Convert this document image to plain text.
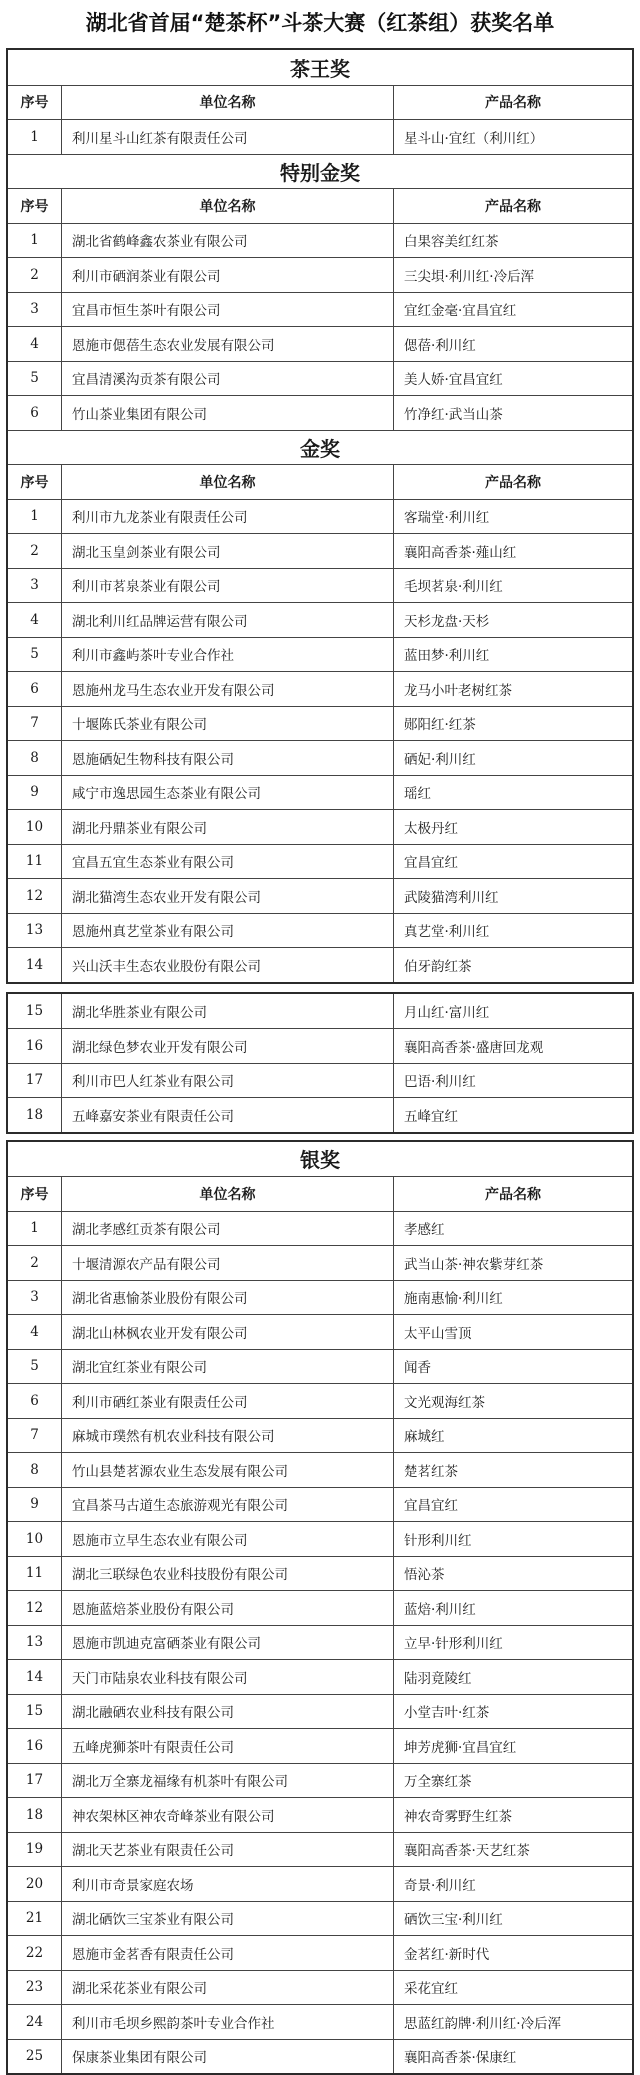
湖北省首届“楚茶杯”斗茶大赛（红茶组）获奖名单
茶王奖
序号	单位名称	产品名称
1	利川星斗山红茶有限责任公司	星斗山·宜红（利川红）
特别金奖
序号	单位名称	产品名称
1	湖北省鹤峰鑫农茶业有限公司	白果容美红红茶
2	利川市硒润茶业有限公司	三尖垻·利川红·冷后浑
3	宜昌市恒生茶叶有限公司	宜红金毫·宜昌宜红
4	恩施市偲蓓生态农业发展有限公司	偲蓓·利川红
5	宜昌清溪沟贡茶有限公司	美人娇·宜昌宜红
6	竹山茶业集团有限公司	竹净红·武当山茶
金奖
序号	单位名称	产品名称
1	利川市九龙茶业有限责任公司	客瑞堂·利川红
2	湖北玉皇剑茶业有限公司	襄阳高香茶·薤山红
3	利川市茗泉茶业有限公司	毛坝茗泉·利川红
4	湖北利川红品牌运营有限公司	天杉龙盘·天杉
5	利川市鑫屿茶叶专业合作社	蓝田梦·利川红
6	恩施州龙马生态农业开发有限公司	龙马小叶老树红茶
7	十堰陈氏茶业有限公司	郧阳红·红茶
8	恩施硒妃生物科技有限公司	硒妃·利川红
9	咸宁市逸思园生态茶业有限公司	瑶红
10	湖北丹鼎茶业有限公司	太极丹红
11	宜昌五宜生态茶业有限公司	宜昌宜红
12	湖北猫湾生态农业开发有限公司	武陵猫湾利川红
13	恩施州真艺堂茶业有限公司	真艺堂·利川红
14	兴山沃丰生态农业股份有限公司	伯牙韵红茶
15	湖北华胜茶业有限公司	月山红·富川红
16	湖北绿色梦农业开发有限公司	襄阳高香茶·盛唐回龙观
17	利川市巴人红茶业有限公司	巴语·利川红
18	五峰嘉安茶业有限责任公司	五峰宜红
银奖
序号	单位名称	产品名称
1	湖北孝感红贡茶有限公司	孝感红
2	十堰清源农产品有限公司	武当山茶·神农紫芽红茶
3	湖北省惠愉茶业股份有限公司	施南惠愉·利川红
4	湖北山林枫农业开发有限公司	太平山雪顶
5	湖北宜红茶业有限公司	闻香
6	利川市硒红茶业有限责任公司	文光观海红茶
7	麻城市璞然有机农业科技有限公司	麻城红
8	竹山县楚茗源农业生态发展有限公司	楚茗红茶
9	宜昌茶马古道生态旅游观光有限公司	宜昌宜红
10	恩施市立早生态农业有限公司	针形利川红
11	湖北三联绿色农业科技股份有限公司	悟沁茶
12	恩施蓝焙茶业股份有限公司	蓝焙·利川红
13	恩施市凯迪克富硒茶业有限公司	立早·针形利川红
14	天门市陆泉农业科技有限公司	陆羽竟陵红
15	湖北融硒农业科技有限公司	小堂吉叶·红茶
16	五峰虎狮茶叶有限责任公司	坤芳虎狮·宜昌宜红
17	湖北万全寨龙福缘有机茶叶有限公司	万全寨红茶
18	神农架林区神农奇峰茶业有限公司	神农奇雾野生红茶
19	湖北天艺茶业有限责任公司	襄阳高香茶·天艺红茶
20	利川市奇景家庭农场	奇景·利川红
21	湖北硒饮三宝茶业有限公司	硒饮三宝·利川红
22	恩施市金茗香有限责任公司	金茗红·新时代
23	湖北采花茶业有限公司	采花宜红
24	利川市毛坝乡熙韵茶叶专业合作社	思蓝红韵牌·利川红·冷后浑
25	保康茶业集团有限公司	襄阳高香茶·保康红
